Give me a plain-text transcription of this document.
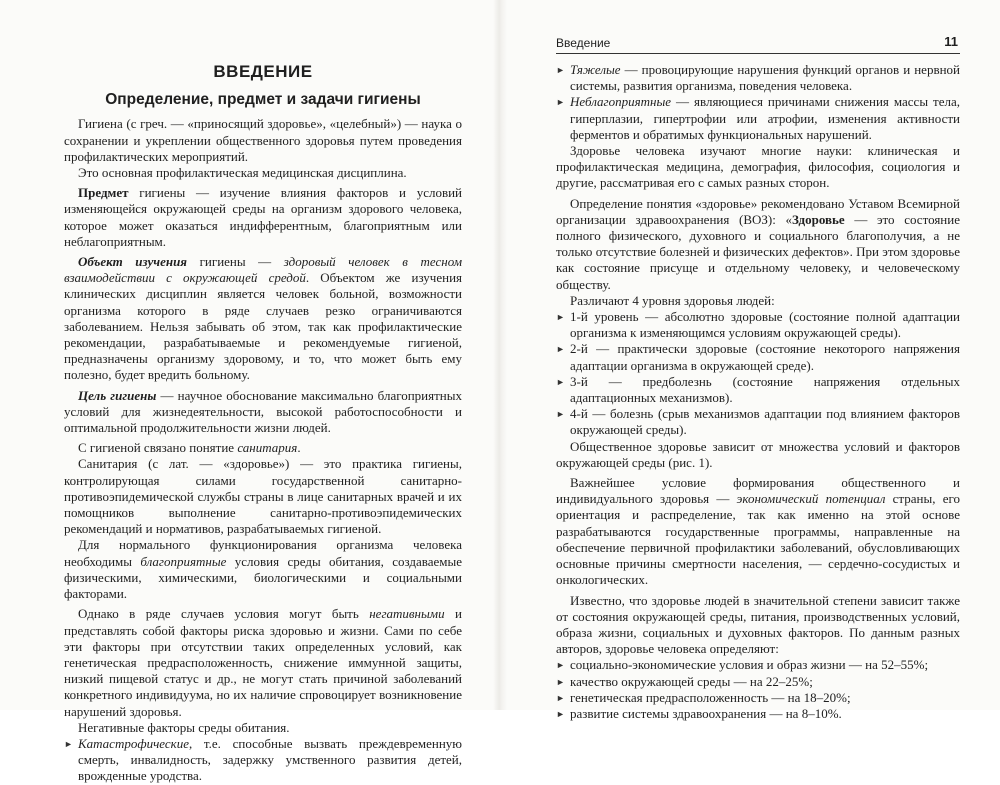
ВВЕДЕНИЕ
Определение, предмет и задачи гигиены

Гигиена (с греч. — «приносящий здоровье», «целебный») — наука о сохранении и укреплении общественного здоровья путем проведения профилактических мероприятий.

Это основная профилактическая медицинская дисциплина.

Предмет гигиены — изучение влияния факторов и условий изменяющейся окружающей среды на организм здорового человека, которое может оказаться индифферентным, благоприятным или неблагоприятным.

Объект изучения гигиены — здоровый человек в тесном взаимодействии с окружающей средой. Объектом же изучения клинических дисциплин является человек больной, возможности организма которого в ряде случаев резко ограничиваются заболеванием. Нельзя забывать об этом, так как профилактические рекомендации, разрабатываемые и рекомендуемые гигиеной, предназначены организму здоровому, и то, что может быть ему полезно, будет вредить больному.

Цель гигиены — научное обоснование максимально благоприятных условий для жизнедеятельности, высокой работоспособности и оптимальной продолжительности жизни людей.

С гигиеной связано понятие санитария.

Санитария (с лат. — «здоровье») — это практика гигиены, контролирующая силами государственной санитарно-противоэпидемической службы страны в лице санитарных врачей и их помощников выполнение санитарно-противоэпидемических рекомендаций и нормативов, разрабатываемых гигиеной.

Для нормального функционирования организма человека необходимы благоприятные условия среды обитания, создаваемые физическими, химическими, биологическими и социальными факторами.

Однако в ряде случаев условия могут быть негативными и представлять собой факторы риска здоровью и жизни. Сами по себе эти факторы при отсутствии таких определенных условий, как генетическая предрасположенность, снижение иммунной защиты, низкий пищевой статус и др., не могут стать причиной заболеваний конкретного индивидуума, но их наличие спровоцирует возникновение нарушений здоровья.

Негативные факторы среды обитания.

► Катастрофические, т.е. способные вызвать преждевременную смерть, инвалидность, задержку умственного развития детей, врожденные уродства.
Введение	11
► Тяжелые — провоцирующие нарушения функций органов и нервной системы, развития организма, поведения человека.
► Неблагоприятные — являющиеся причинами снижения массы тела, гиперплазии, гипертрофии или атрофии, изменения активности ферментов и обратимых функциональных нарушений.

Здоровье человека изучают многие науки: клиническая и профилактическая медицина, демография, философия, социология и другие, рассматривая его с самых разных сторон.

Определение понятия «здоровье» рекомендовано Уставом Всемирной организации здравоохранения (ВОЗ): «Здоровье — это состояние полного физического, духовного и социального благополучия, а не только отсутствие болезней и физических дефектов». При этом здоровье как состояние присуще и отдельному человеку, и человеческому обществу.

Различают 4 уровня здоровья людей:

► 1-й уровень — абсолютно здоровые (состояние полной адаптации организма к изменяющимся условиям окружающей среды).
► 2-й — практически здоровые (состояние некоторого напряжения адаптации организма в окружающей среде).
► 3-й — предболезнь (состояние напряжения отдельных адаптационных механизмов).
► 4-й — болезнь (срыв механизмов адаптации под влиянием факторов окружающей среды).

Общественное здоровье зависит от множества условий и факторов окружающей среды (рис. 1).

Важнейшее условие формирования общественного и индивидуального здоровья — экономический потенциал страны, его ориентация и распределение, так как именно на этой основе разрабатываются государственные программы, направленные на обеспечение первичной профилактики заболеваний, обусловливающих основные причины смертности населения, — сердечно-сосудистых и онкологических.

Известно, что здоровье людей в значительной степени зависит также от состояния окружающей среды, питания, производственных условий, образа жизни, социальных и духовных факторов. По данным разных авторов, здоровье человека определяют:

► социально-экономические условия и образ жизни — на 52–55%;
► качество окружающей среды — на 22–25%;
► генетическая предрасположенность — на 18–20%;
► развитие системы здравоохранения — на 8–10%.
